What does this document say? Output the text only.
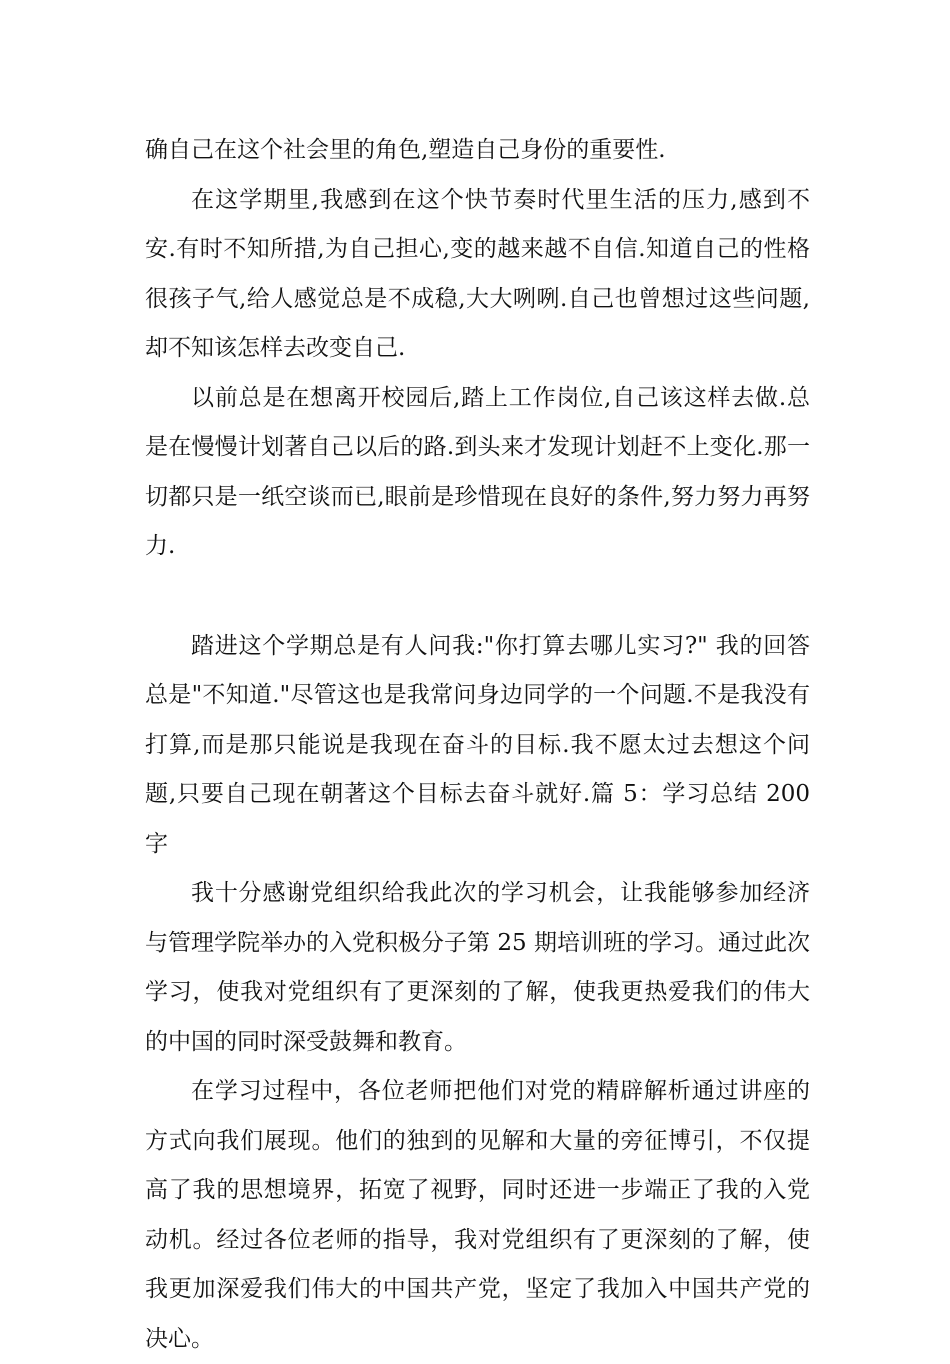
确自己在这个社会里的角色,塑造自己身份的重要性.

在这学期里,我感到在这个快节奏时代里生活的压力,感到不安.有时不知所措,为自己担心,变的越来越不自信.知道自己的性格很孩子气,给人感觉总是不成稳,大大咧咧.自己也曾想过这些问题,却不知该怎样去改变自己.

以前总是在想离开校园后,踏上工作岗位,自己该这样去做.总是在慢慢计划著自己以后的路.到头来才发现计划赶不上变化.那一切都只是一纸空谈而已,眼前是珍惜现在良好的条件,努力努力再努力.

踏进这个学期总是有人问我:"你打算去哪儿实习?" 我的回答总是"不知道."尽管这也是我常问身边同学的一个问题.不是我没有打算,而是那只能说是我现在奋斗的目标.我不愿太过去想这个问题,只要自己现在朝著这个目标去奋斗就好.篇 5：学习总结 200 字

我十分感谢党组织给我此次的学习机会，让我能够参加经济与管理学院举办的入党积极分子第 25 期培训班的学习。通过此次学习，使我对党组织有了更深刻的了解，使我更热爱我们的伟大的中国的同时深受鼓舞和教育。

在学习过程中，各位老师把他们对党的精辟解析通过讲座的方式向我们展现。他们的独到的见解和大量的旁征博引，不仅提高了我的思想境界，拓宽了视野，同时还进一步端正了我的入党动机。经过各位老师的指导，我对党组织有了更深刻的了解，使我更加深爱我们伟大的中国共产党，坚定了我加入中国共产党的决心。
